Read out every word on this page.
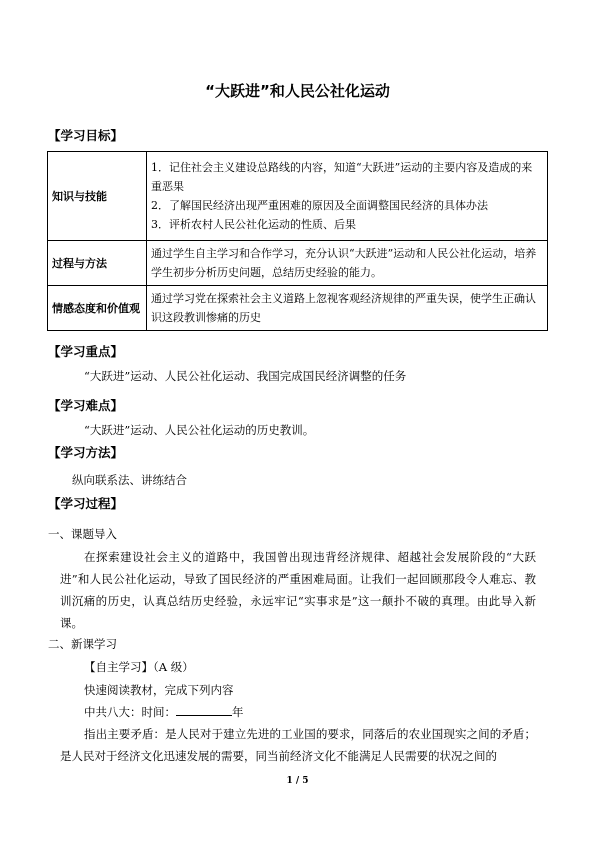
“大跃进”和人民公社化运动
【学习目标】
知识与技能	1．记住社会主义建设总路线的内容，知道“大跃进”运动的主要内容及造成的来重恶果
2．了解国民经济出现严重困难的原因及全面调整国民经济的具体办法
3．评析农村人民公社化运动的性质、后果

过程与方法	通过学生自主学习和合作学习，充分认识“大跃进”运动和人民公社化运动，培养学生初步分析历史问题，总结历史经验的能力。
情感态度和价值观	通过学习党在探索社会主义道路上忽视客观经济规律的严重失误，使学生正确认识这段教训惨痛的历史
【学习重点】
“大跃进”运动、人民公社化运动、我国完成国民经济调整的任务
【学习难点】
“大跃进”运动、人民公社化运动的历史教训。
【学习方法】
纵向联系法、讲练结合
【学习过程】
一、课题导入
在探索建设社会主义的道路中，我国曾出现违背经济规律、超越社会发展阶段的“大跃进”和人民公社化运动，导致了国民经济的严重困难局面。让我们一起回顾那段令人难忘、教训沉痛的历史，认真总结历史经验，永远牢记“实事求是”这一颠扑不破的真理。由此导入新课。
二、新课学习
【自主学习】（A 级）
快速阅读教材，完成下列内容
中共八大：时间：	年
指出主要矛盾：是人民对于建立先进的工业国的要求，同落后的农业国现实之间的矛盾；是人民对于经济文化迅速发展的需要，同当前经济文化不能满足人民需要的状况之间的
1 / 5
